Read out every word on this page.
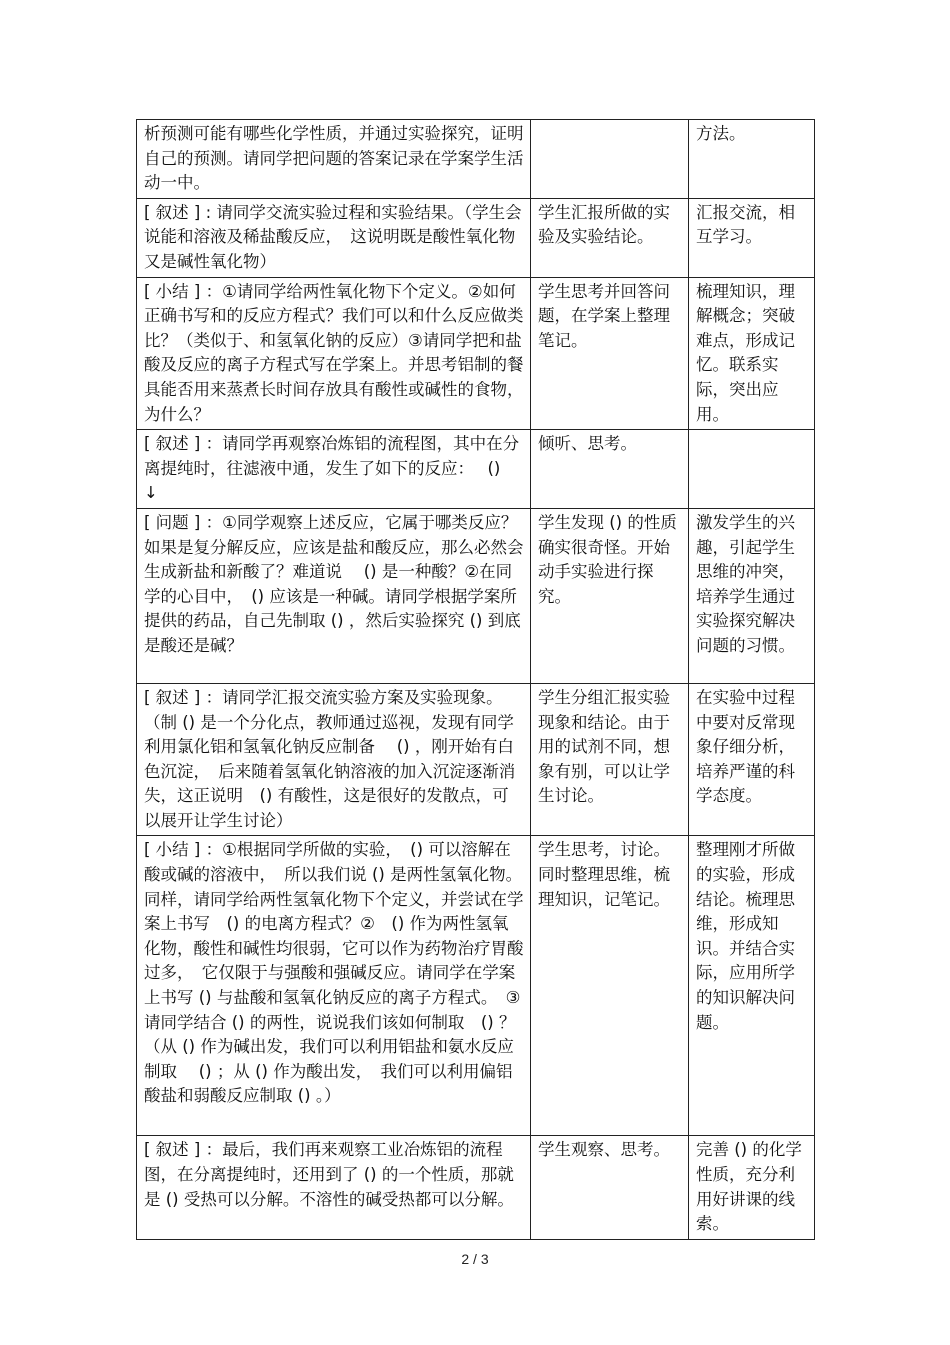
析预测可能有哪些化学性质，并通过实验探究，证明自己的预测。请同学把问题的答案记录在学案学生活动一中。		方法。
[ 叙述 ] : 请同学交流实验过程和实验结果。（学生会说能和溶液及稀盐酸反应，　这说明既是酸性氧化物又是碱性氧化物）	学生汇报所做的实验及实验结论。	汇报交流，相互学习。
[ 小结 ] ：①请同学给两性氧化物下个定义。②如何正确书写和的反应方程式？我们可以和什么反应做类比？（类似于、和氢氧化钠的反应）③请同学把和盐酸及反应的离子方程式写在学案上。并思考铝制的餐具能否用来蒸煮长时间存放具有酸性或碱性的食物，为什么？	学生思考并回答问题，在学案上整理笔记。	梳理知识，理解概念；突破难点，形成记忆。联系实际，突出应用。
[ 叙述 ] ：请同学再观察冶炼铝的流程图，其中在分离提纯时，往滤液中通，发生了如下的反应：　 ()　 ↓	倾听、思考。	
[ 问题 ] ：①同学观察上述反应，它属于哪类反应？如果是复分解反应，应该是盐和酸反应，那么必然会生成新盐和新酸了？难道说　 () 是一种酸？②在同学的心目中，　() 应该是一种碱。请同学根据学案所提供的药品，自己先制取 () ，然后实验探究 () 到底是酸还是碱？	学生发现 () 的性质确实很奇怪。开始动手实验进行探究。	激发学生的兴趣，引起学生思维的冲突，培养学生通过实验探究解决问题的习惯。
[ 叙述 ] ：请同学汇报交流实验方案及实验现象。（制 () 是一个分化点，教师通过巡视，发现有同学利用氯化铝和氢氧化钠反应制备　 () ，刚开始有白色沉淀，　后来随着氢氧化钠溶液的加入沉淀逐渐消失，这正说明　() 有酸性，这是很好的发散点，可以展开让学生讨论）	学生分组汇报实验现象和结论。由于用的试剂不同，想象有别，可以让学生讨论。	在实验中过程中要对反常现象仔细分析，培养严谨的科学态度。
[ 小结 ] ：①根据同学所做的实验，　() 可以溶解在酸或碱的溶液中，　所以我们说 () 是两性氢氧化物。同样，请同学给两性氢氧化物下个定义，并尝试在学案上书写　() 的电离方程式？②　() 作为两性氢氧化物，酸性和碱性均很弱，它可以作为药物治疗胃酸过多，　它仅限于与强酸和强碱反应。请同学在学案上书写 () 与盐酸和氢氧化钠反应的离子方程式。　③请同学结合 () 的两性，说说我们该如何制取　() ？（从 () 作为碱出发，我们可以利用铝盐和氨水反应制取　 () ；从 () 作为酸出发，　我们可以利用偏铝酸盐和弱酸反应制取 () 。）	学生思考，讨论。同时整理思维，梳理知识，记笔记。	整理刚才所做的实验，形成结论。梳理思维，形成知识。并结合实际，应用所学的知识解决问题。
[ 叙述 ] ：最后，我们再来观察工业冶炼铝的流程图，在分离提纯时，还用到了 () 的一个性质，那就是 () 受热可以分解。不溶性的碱受热都可以分解。	学生观察、思考。	完善 () 的化学性质，充分利用好讲课的线索。
2 / 3
